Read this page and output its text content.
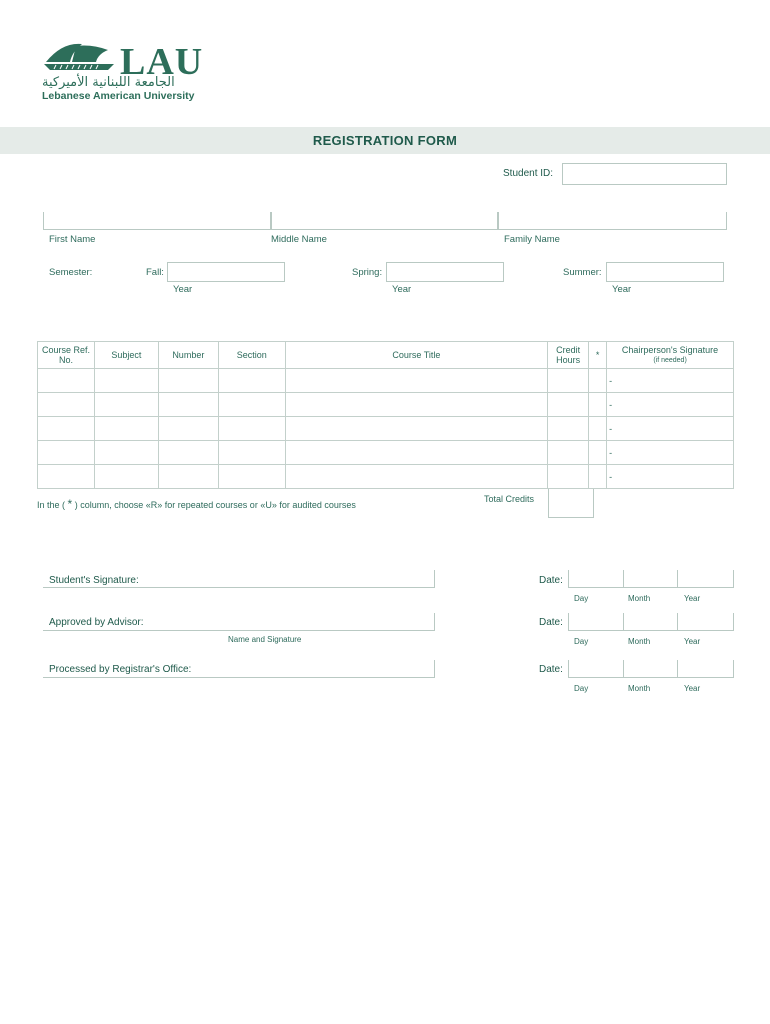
LAU
الجامعة اللبنانية الأميركية
Lebanese American University
REGISTRATION FORM
Student ID:
First Name	Middle Name	Family Name
Semester:	Fall:
Year
Spring:
Year
Summer:
Year
Course Ref. No.	Subject	Number	Section	Course Title	Credit Hours	*	Chairperson's Signature
(if needed)
							-
							-
							-
							-
							-
In the ( * ) column, choose «R» for repeated courses or «U» for audited courses
Total Credits
Student's Signature:	Date:
Day	Month	Year
Approved by Advisor:
Name and Signature
Date:
Day	Month	Year
Processed by Registrar's Office:	Date:
Day	Month	Year
